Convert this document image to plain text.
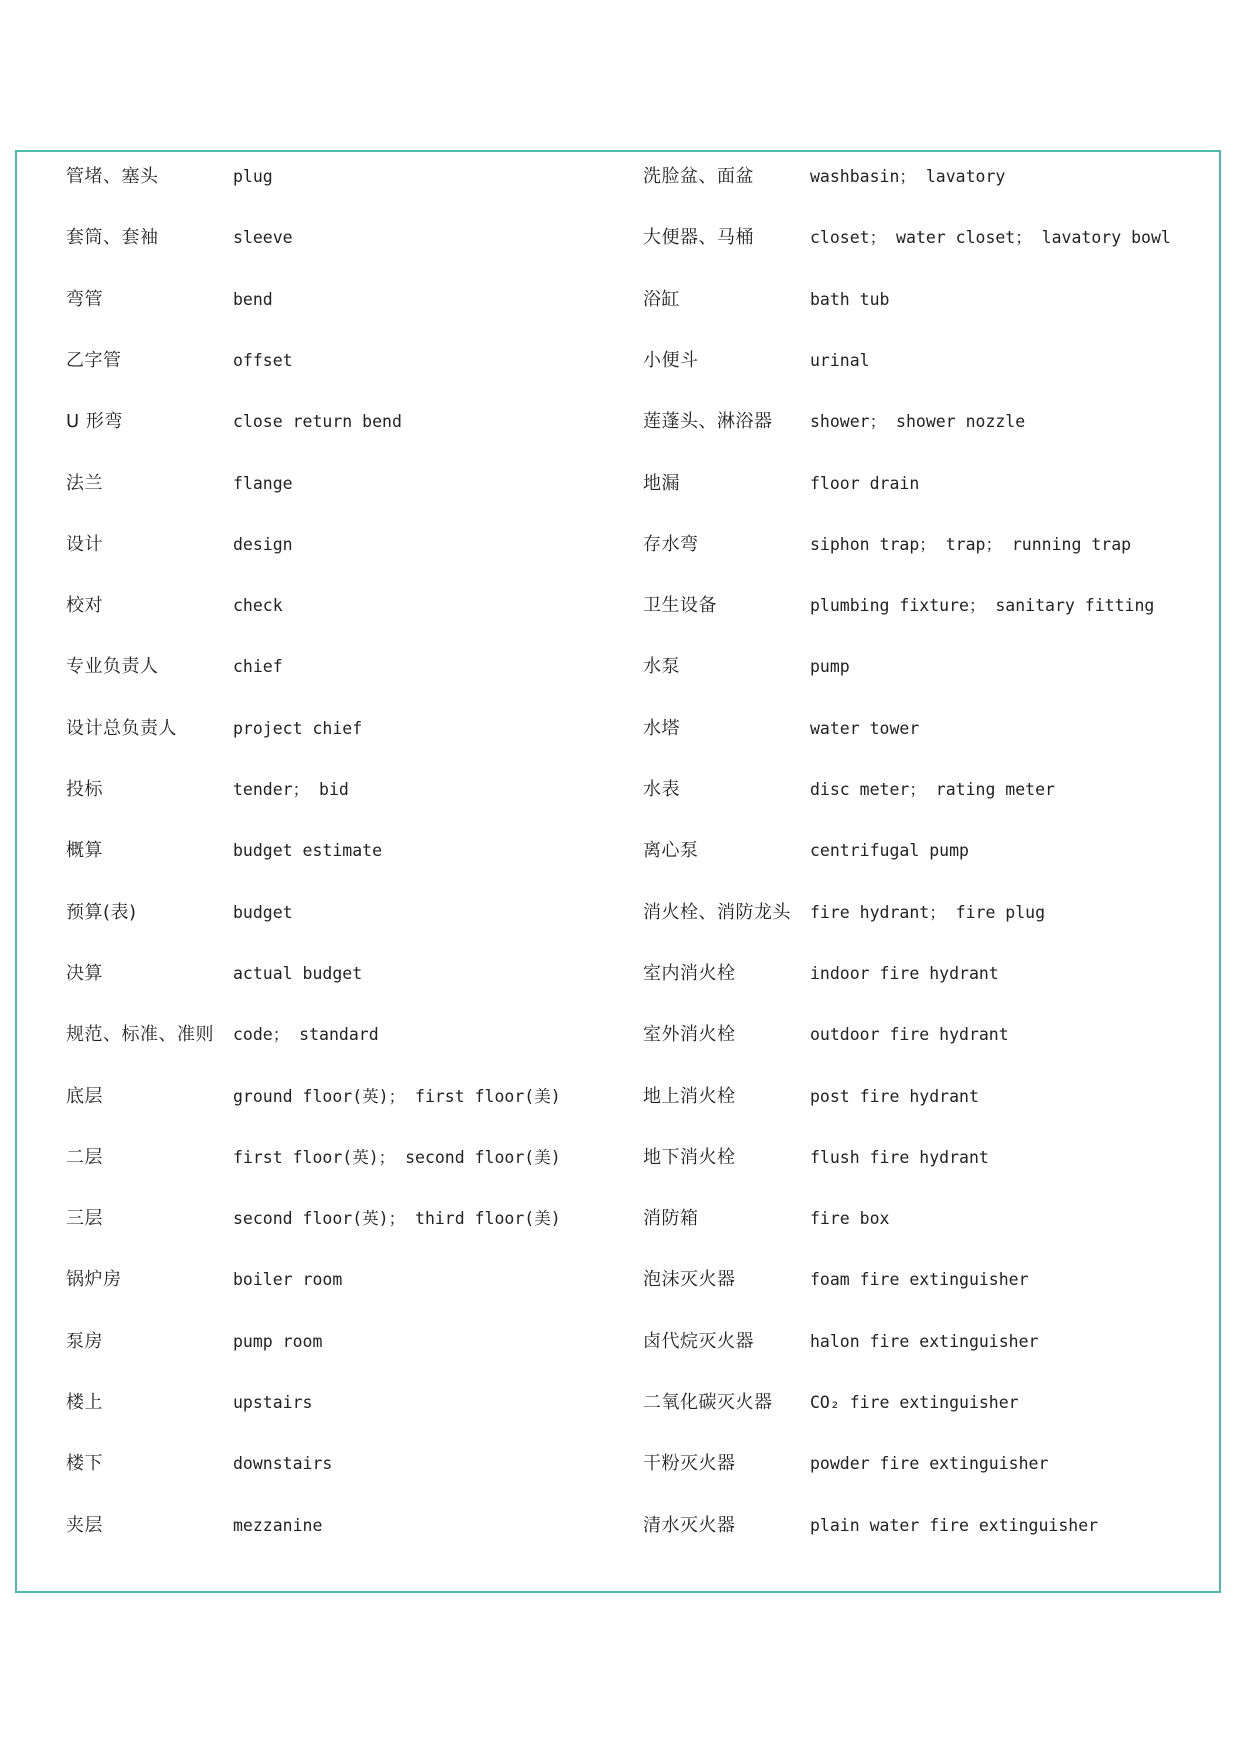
管堵、塞头	plug	洗脸盆、面盆	washbasin； lavatory
套筒、套袖	sleeve	大便器、马桶	closet； water closet； lavatory bowl
弯管	bend	浴缸	bath tub
乙字管	offset	小便斗	urinal
U 形弯	close return bend	莲蓬头、淋浴器 shower； shower nozzle
法兰	flange	地漏	floor drain
设计	design	存水弯	siphon trap； trap； running trap
校对	check	卫生设备	plumbing fixture； sanitary fitting
专业负责人	chief	水泵	pump
设计总负责人	project chief	水塔	water tower
投标	tender； bid	水表	disc meter； rating meter
概算	budget estimate	离心泵	centrifugal pump
预算(表)	budget	消火栓、消防龙头 fire hydrant； fire plug
决算	actual budget	室内消火栓	indoor fire hydrant
规范、标准、准则 code； standard	室外消火栓	outdoor fire hydrant
底层	ground floor(英)； first floor(美)	地上消火栓	post fire hydrant
二层	first floor(英)； second floor(美)	地下消火栓	flush fire hydrant
三层	second floor(英)； third floor(美)	消防箱	fire box
锅炉房	boiler room	泡沫灭火器	foam fire extinguisher
泵房	pump room	卤代烷灭火器	halon fire extinguisher
楼上	upstairs	二氧化碳灭火器 CO₂ fire extinguisher
楼下	downstairs	干粉灭火器	powder fire extinguisher
夹层	mezzanine	清水灭火器	plain water fire extinguisher
